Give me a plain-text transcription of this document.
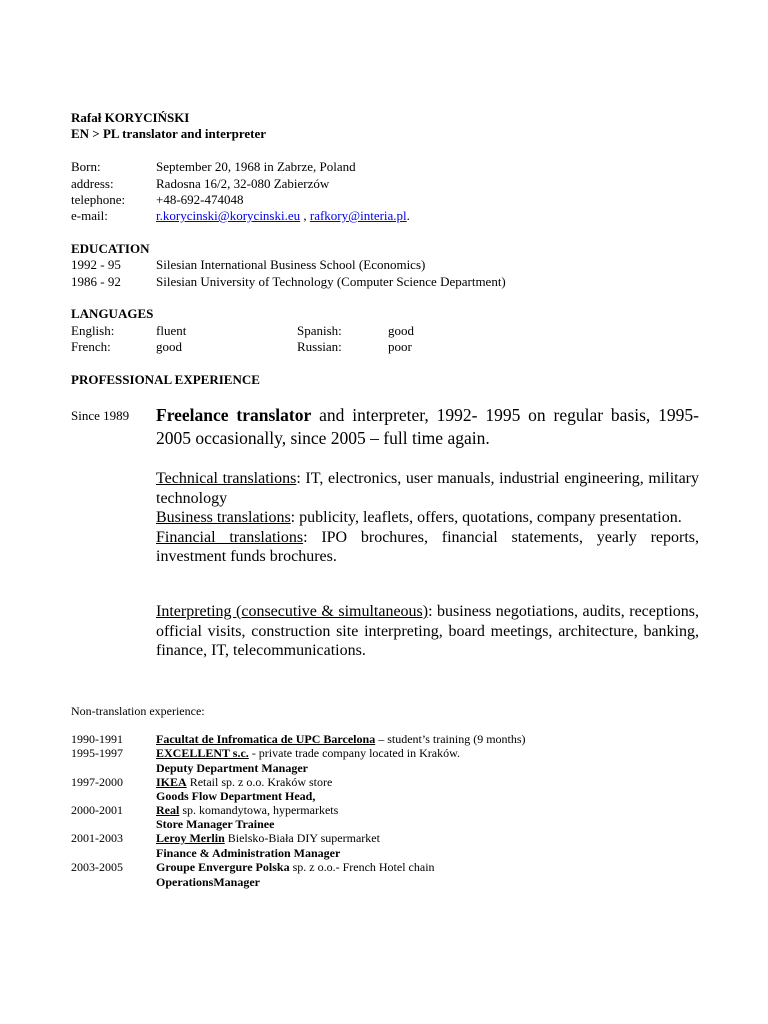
Rafał KORYCIŃSKI
EN > PL translator and interpreter
Born:	September 20, 1968 in Zabrze, Poland
address:	Radosna 16/2, 32-080 Zabierzów
telephone: +48-692-474048
e-mail:	r.korycinski@korycinski.eu , rafkory@interia.pl.
EDUCATION
1992 - 95	Silesian International Business School (Economics)
1986 - 92	Silesian University of Technology (Computer Science Department)
LANGUAGES
English:	fluent	Spanish:	good
French:	good	Russian:	poor
PROFESSIONAL EXPERIENCE
Since 1989 Freelance translator and interpreter, 1992- 1995 on regular basis, 1995-2005 occasionally, since 2005 – full time again.
Technical translations: IT, electronics, user manuals, industrial engineering, military technology
Business translations: publicity, leaflets, offers, quotations, company presentation.
Financial translations: IPO brochures, financial statements, yearly reports, investment funds brochures.
Interpreting (consecutive & simultaneous): business negotiations, audits, receptions, official visits, construction site interpreting, board meetings, architecture, banking, finance, IT, telecommunications.
Non-translation experience:
1990-1991	Facultat de Infromatica de UPC Barcelona – student’s training (9 months)
1995-1997	EXCELLENT s.c. - private trade company located in Kraków.
Deputy Department Manager
1997-2000	IKEA Retail sp. z o.o. Kraków store
Goods Flow Department Head,
2000-2001	Real sp. komandytowa, hypermarkets
Store Manager Trainee
2001-2003	Leroy Merlin Bielsko-Biała DIY supermarket
Finance & Administration Manager
2003-2005	Groupe Envergure Polska sp. z o.o.- French Hotel chain
OperationsManager
